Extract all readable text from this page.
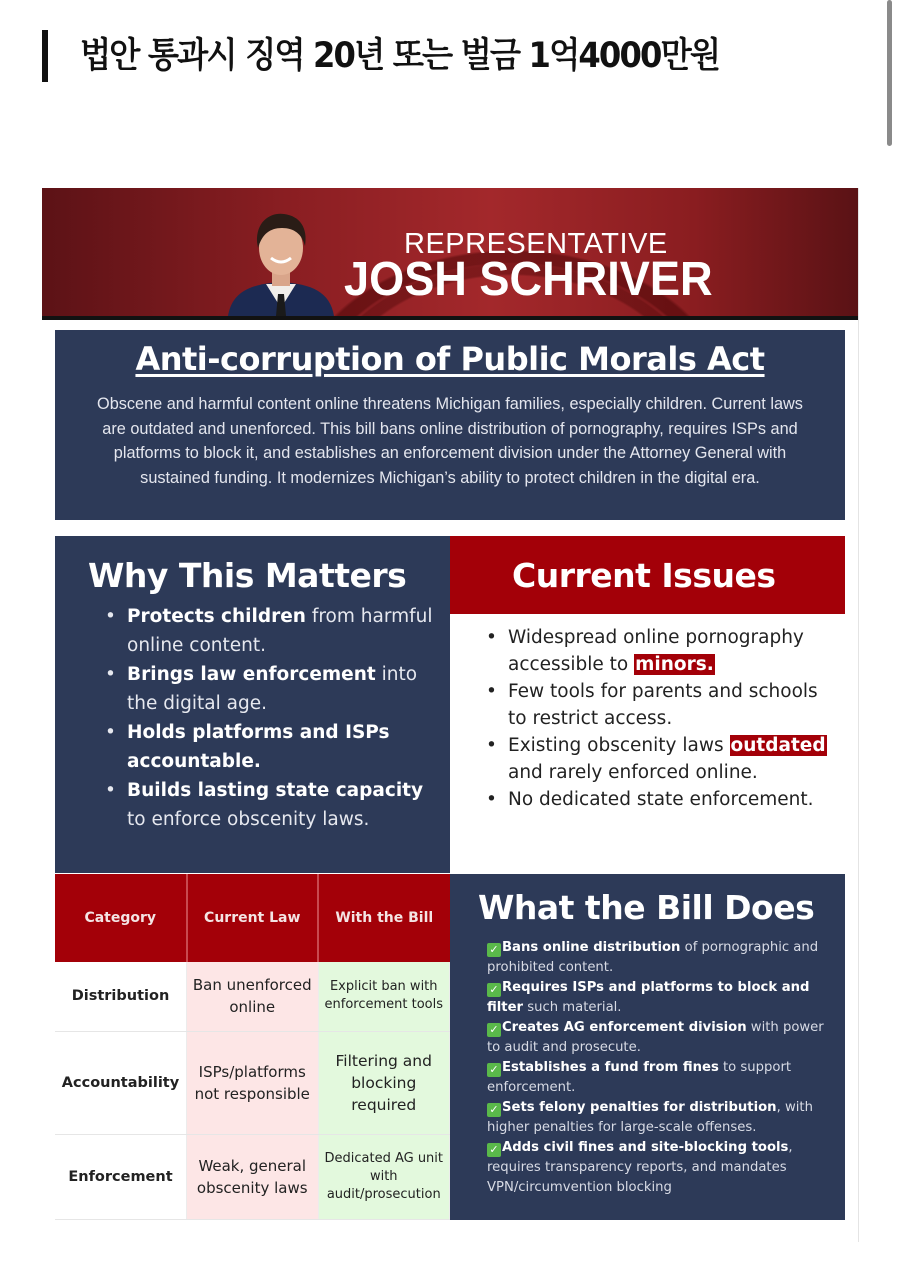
법안 통과시 징역 20년 또는 벌금 1억4000만원
REPRESENTATIVE
JOSH SCHRIVER
Anti-corruption of Public Morals Act
Obscene and harmful content online threatens Michigan families, especially children. Current laws are outdated and unenforced. This bill bans online distribution of pornography, requires ISPs and platforms to block it, and establishes an enforcement division under the Attorney General with sustained funding. It modernizes Michigan’s ability to protect children in the digital era.
Why This Matters
• Protects children from harmful online content.
• Brings law enforcement into the digital age.
• Holds platforms and ISPs accountable.
• Builds lasting state capacity to enforce obscenity laws.
Current Issues
• Widespread online pornography accessible to minors.
• Few tools for parents and schools to restrict access.
• Existing obscenity laws outdated and rarely enforced online.
• No dedicated state enforcement.
Category	Current Law	With the Bill
Distribution	Ban unenforced online	Explicit ban with enforcement tools
Accountability	ISPs/platforms not responsible	Filtering and blocking required
Enforcement	Weak, general obscenity laws	Dedicated AG unit with audit/prosecution
What the Bill Does
✓ Bans online distribution of pornographic and prohibited content.
✓ Requires ISPs and platforms to block and filter such material.
✓ Creates AG enforcement division with power to audit and prosecute.
✓ Establishes a fund from fines to support enforcement.
✓ Sets felony penalties for distribution, with higher penalties for large-scale offenses.
✓ Adds civil fines and site-blocking tools, requires transparency reports, and mandates VPN/circumvention blocking
